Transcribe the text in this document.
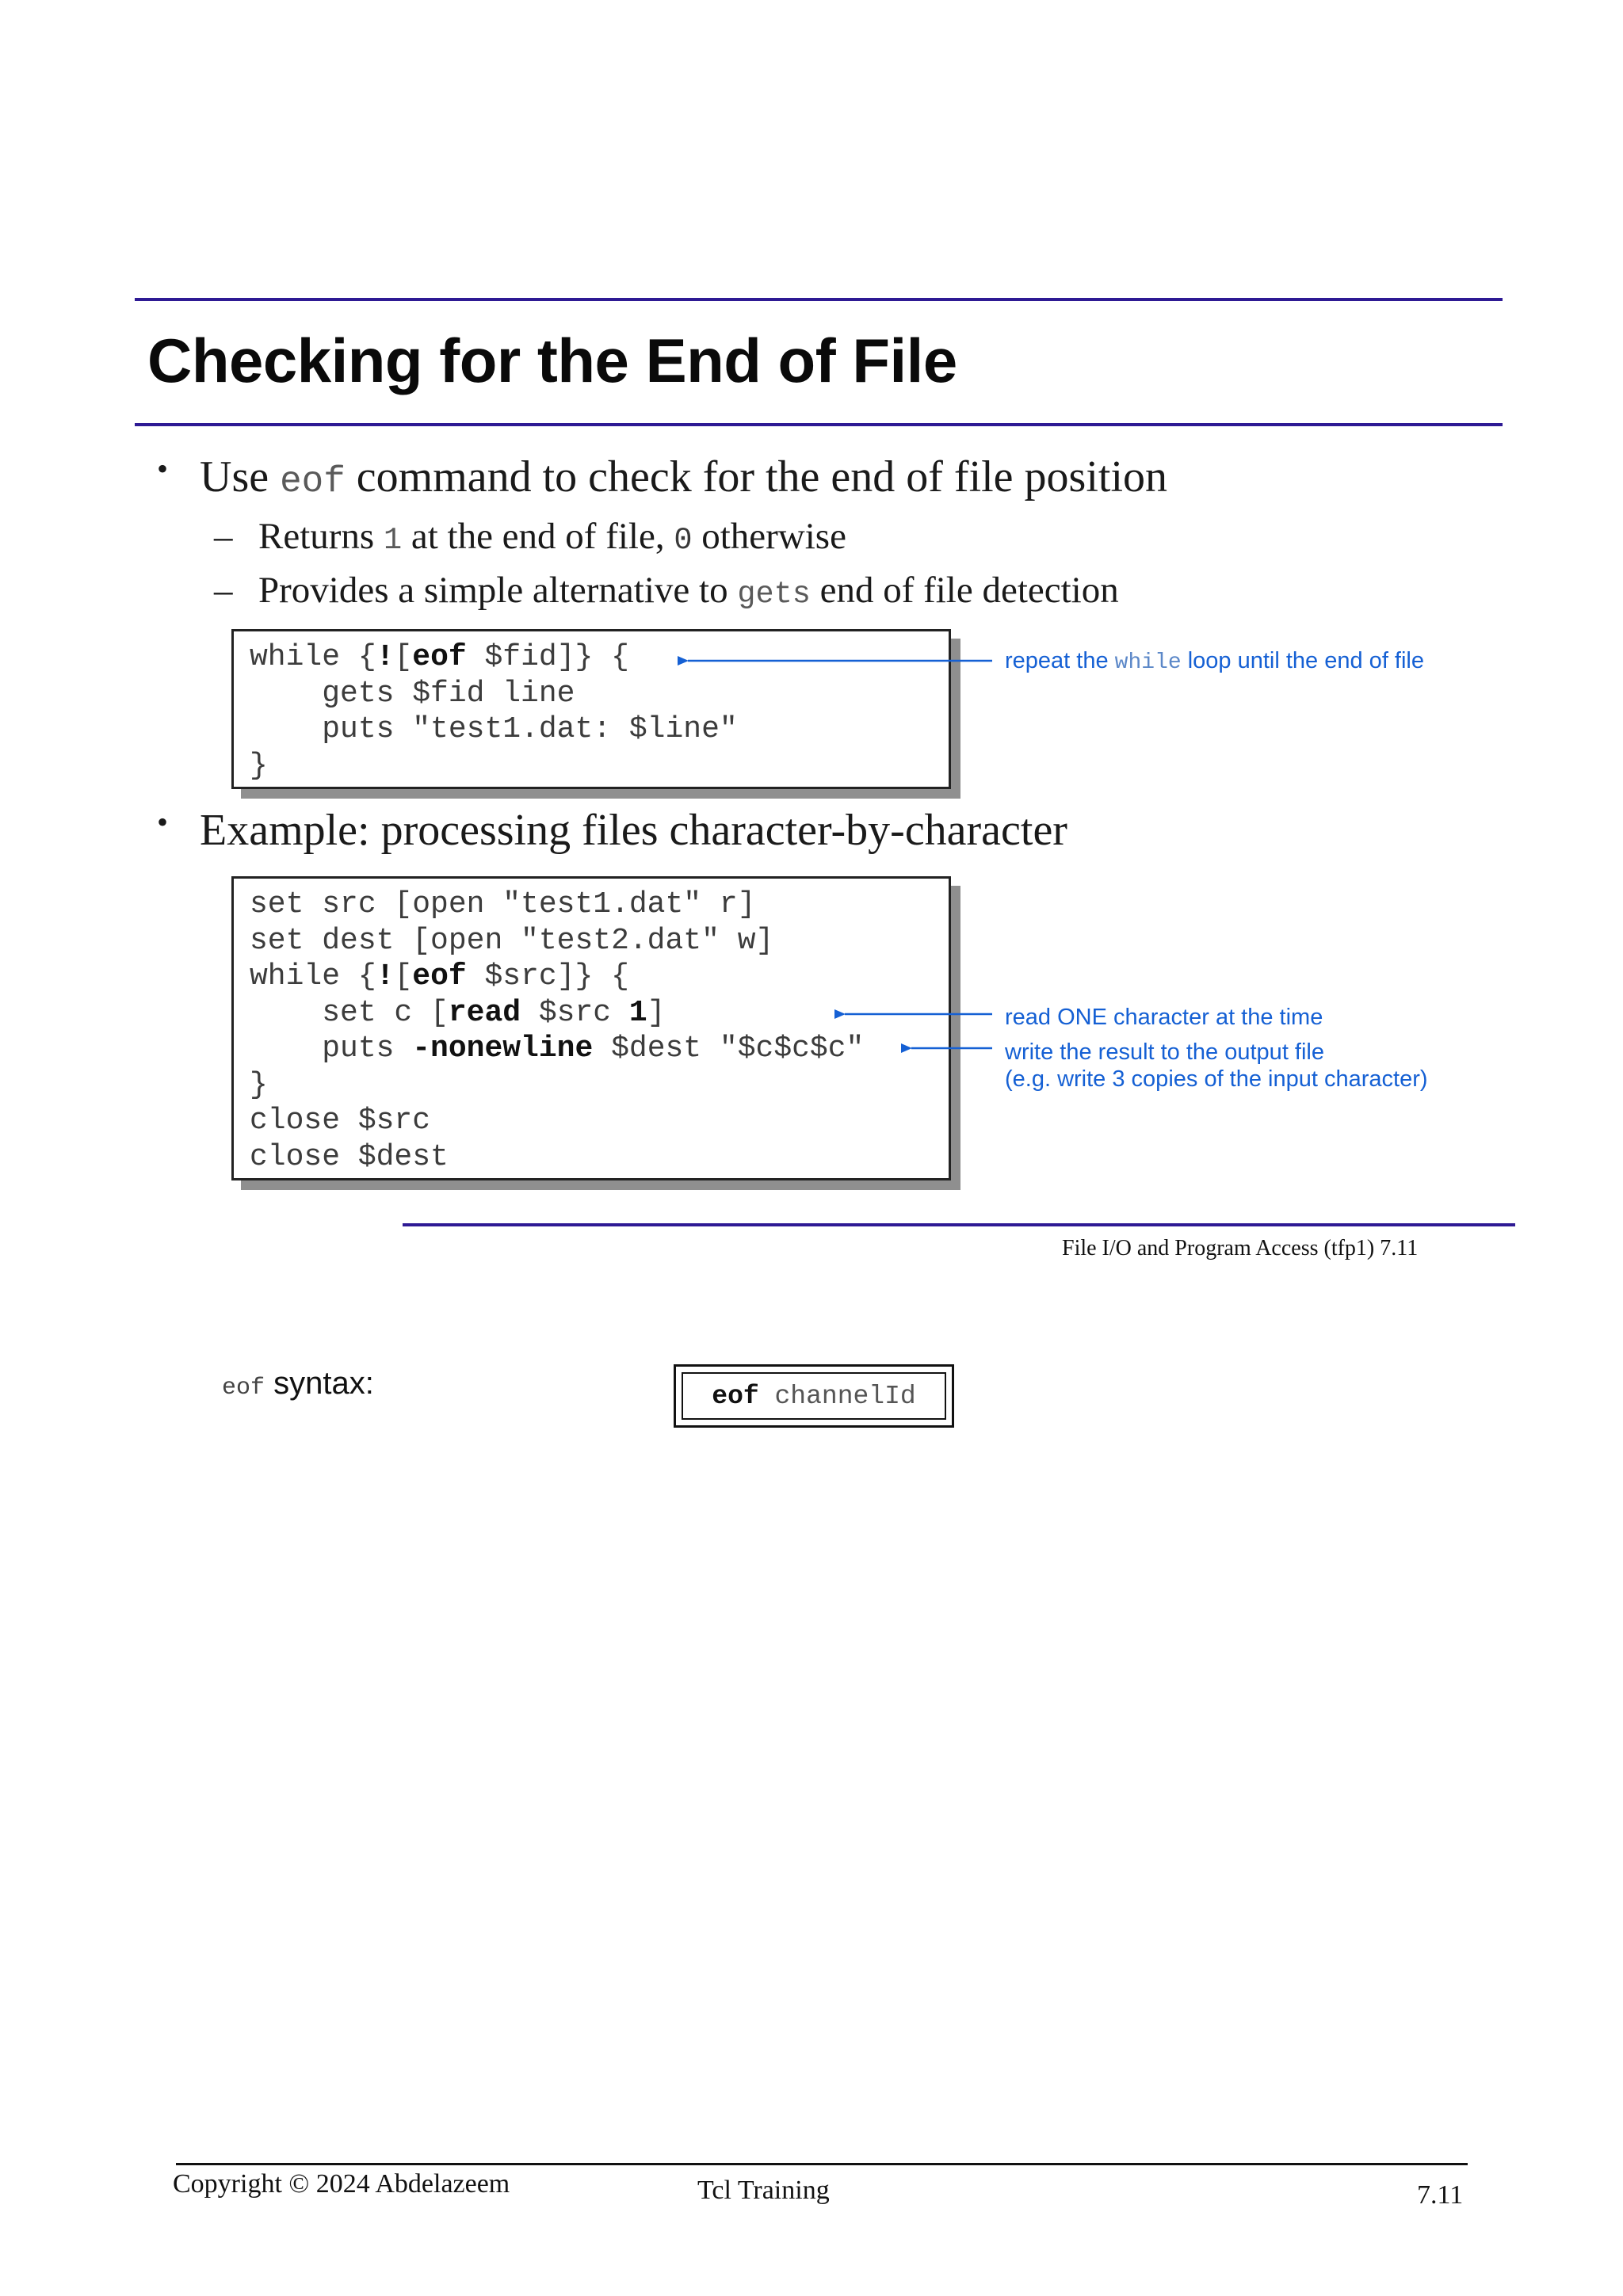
Checking for the End of File
• Use eof command to check for the end of file position
– Returns 1 at the end of file, 0 otherwise
– Provides a simple alternative to gets end of file detection
while {![eof $fid]} {
gets $fid line
puts "test1.dat: $line"
}
• Example: processing files character-by-character
set src [open "test1.dat" r]
set dest [open "test2.dat" w]
while {![eof $src]} {
set c [read $src 1]
puts -nonewline $dest "$c$c$c"
}
close $src
close $dest
repeat the while loop until the end of file
read ONE character at the time
write the result to the output file
(e.g. write 3 copies of the input character)
File I/O and Program Access (tfp1) 7.11
eof syntax:	eof channelId
Copyright © 2024 Abdelazeem	Tcl Training	7.11
